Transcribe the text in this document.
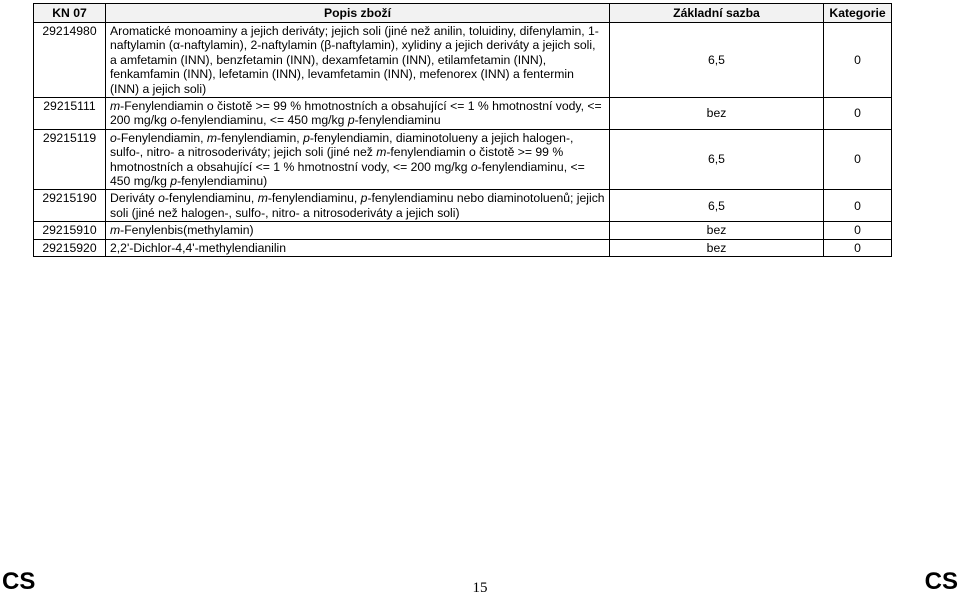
KN 07	Popis zboží	Základní sazba	Kategorie
29214980	Aromatické monoaminy a jejich deriváty; jejich soli (jiné než anilin, toluidiny, difenylamin, 1-naftylamin (α-naftylamin), 2-naftylamin (β-naftylamin), xylidiny a jejich deriváty a jejich soli, a amfetamin (INN), benzfetamin (INN), dexamfetamin (INN), etilamfetamin (INN), fenkamfamin (INN), lefetamin (INN), levamfetamin (INN), mefenorex (INN) a fentermin (INN) a jejich soli)	6,5	0
29215111	m-Fenylendiamin o čistotě >= 99 % hmotnostních a obsahující <= 1 % hmotnostní vody, <= 200 mg/kg o-fenylendiaminu, <= 450 mg/kg p-fenylendiaminu	bez	0
29215119	o-Fenylendiamin, m-fenylendiamin, p-fenylendiamin, diaminotolueny a jejich halogen-, sulfo-, nitro- a nitrosoderiváty; jejich soli (jiné než m-fenylendiamin o čistotě >= 99 % hmotnostních a obsahující <= 1 % hmotnostní vody, <= 200 mg/kg o-fenylendiaminu, <= 450 mg/kg p-fenylendiaminu)	6,5	0
29215190	Deriváty o-fenylendiaminu, m-fenylendiaminu, p-fenylendiaminu nebo diaminotoluenů; jejich soli (jiné než halogen-, sulfo-, nitro- a nitrosoderiváty a jejich soli)	6,5	0
29215910	m-Fenylenbis(methylamin)	bez	0
29215920	2,2'-Dichlor-4,4'-methylendianilin	bez	0
CS	15	CS
